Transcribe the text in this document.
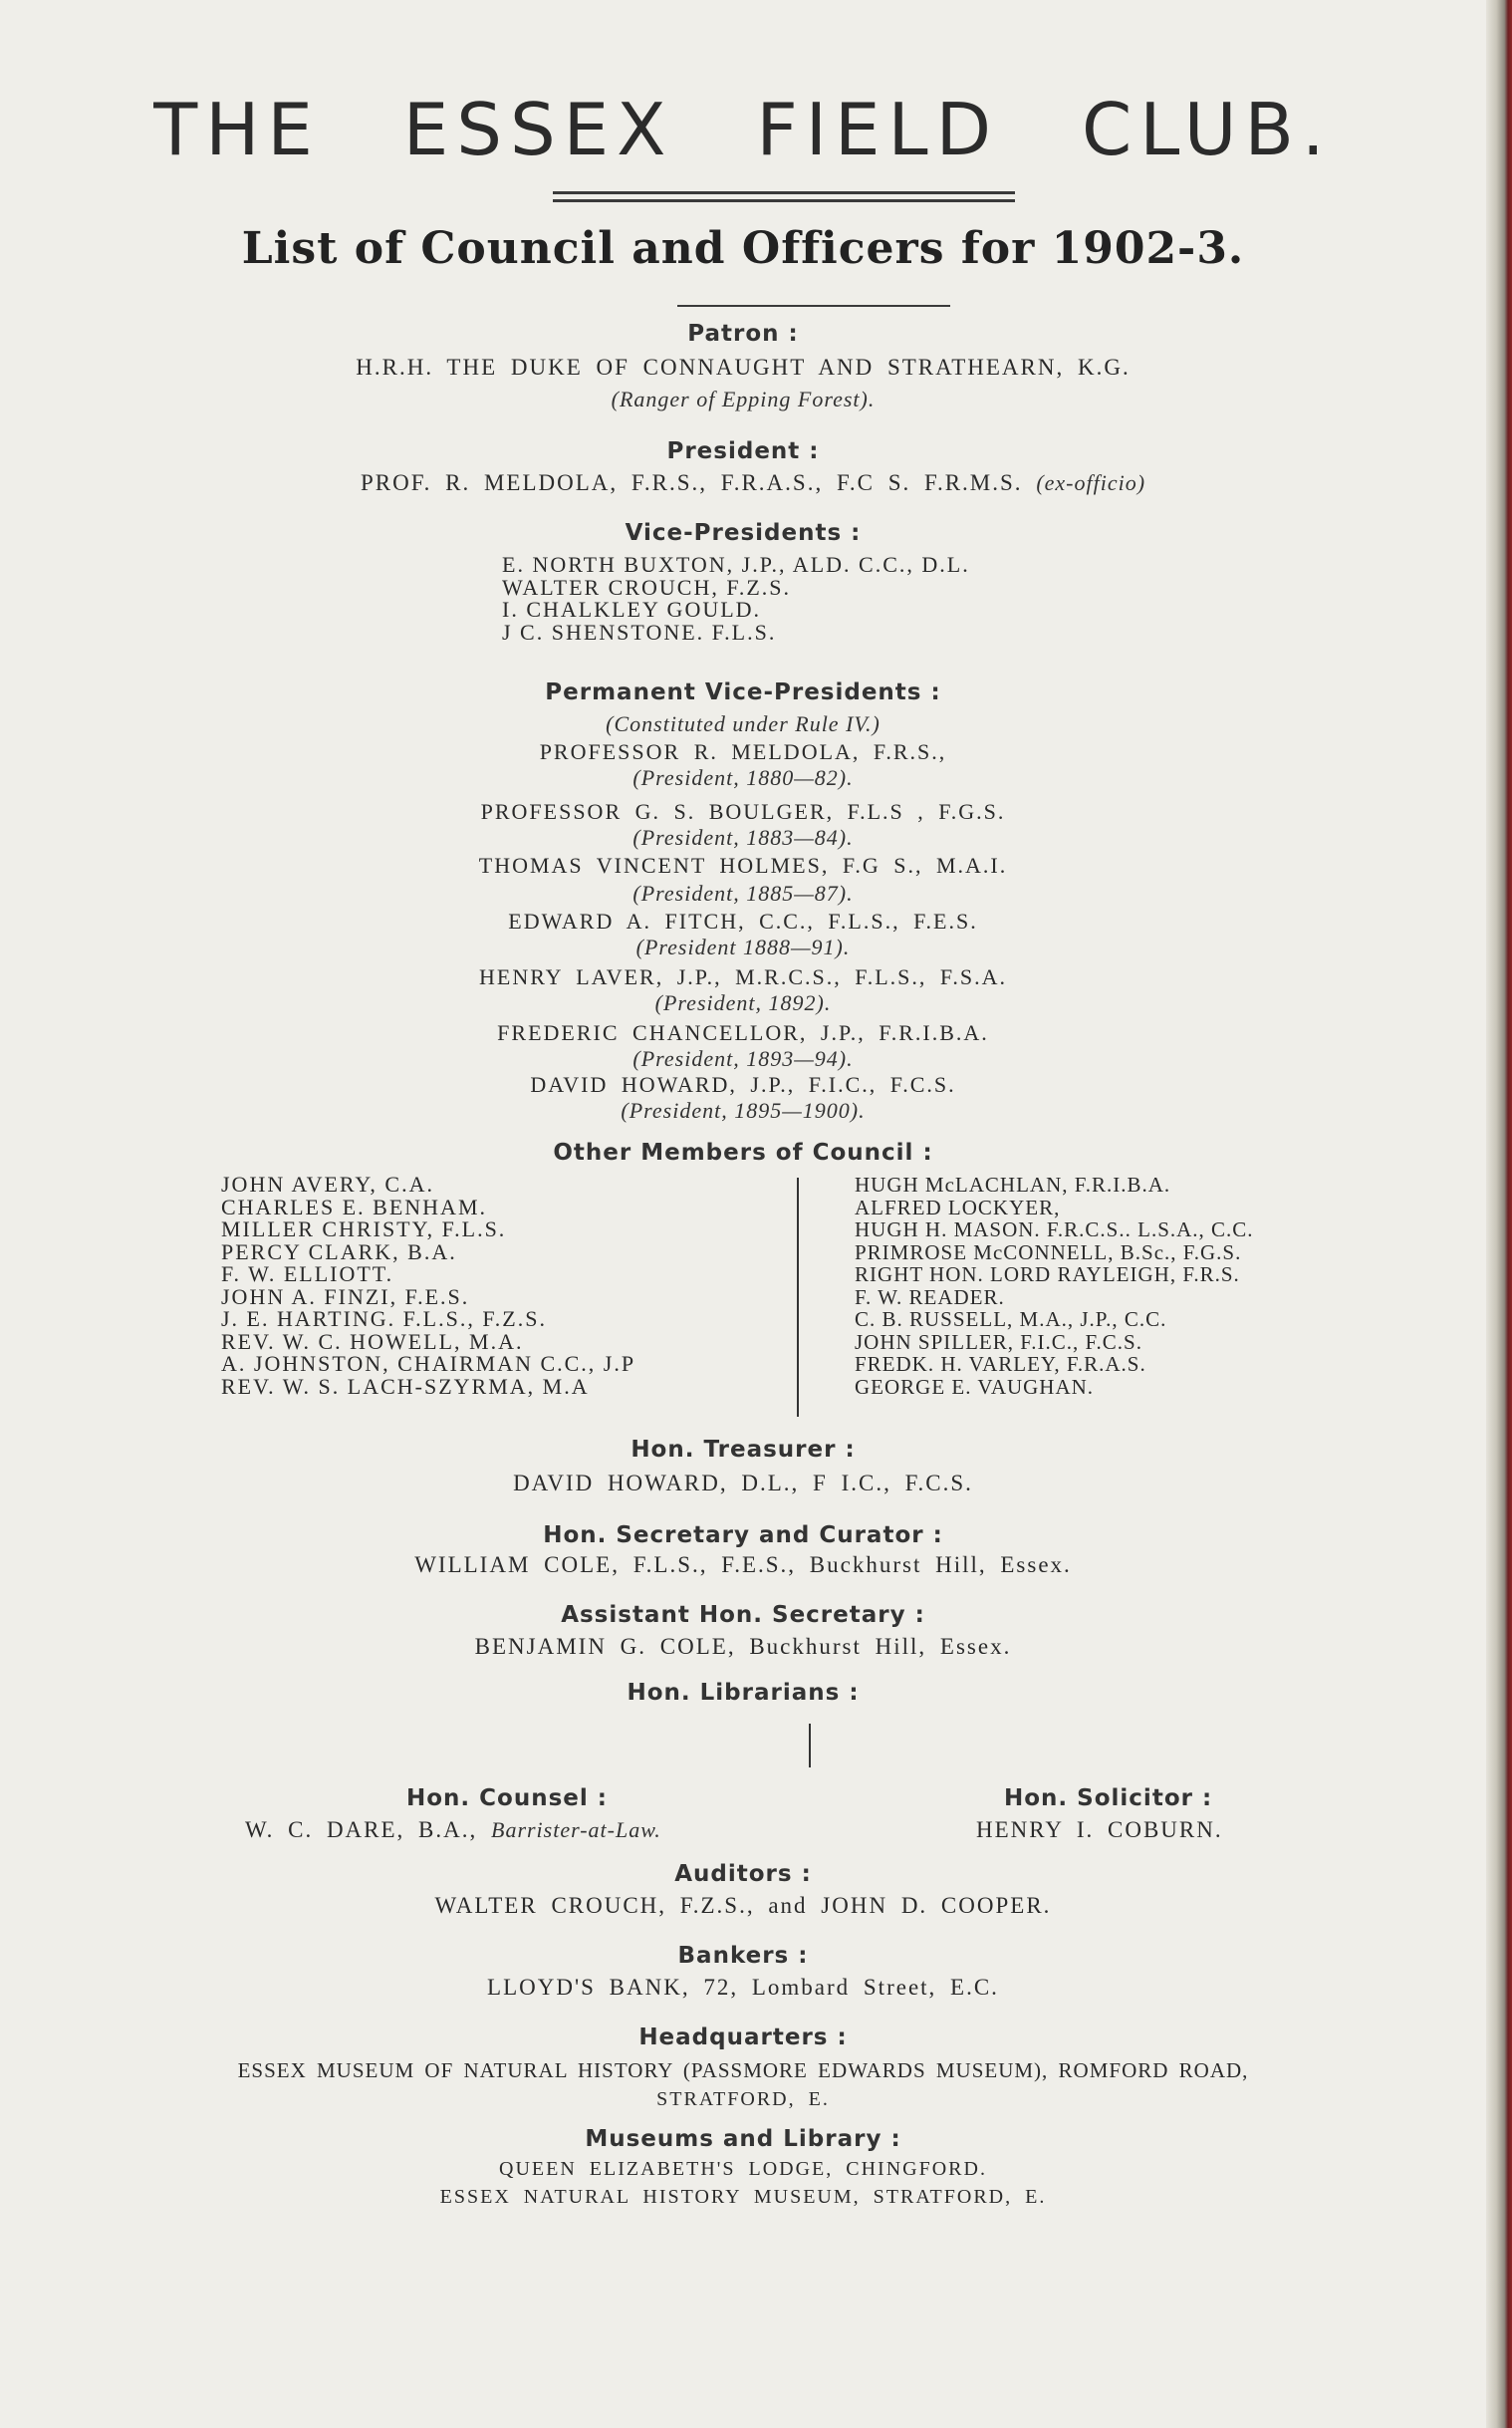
THE ESSEX FIELD CLUB.
List of Council and Officers for 1902-3.
Patron :
H.R.H. THE DUKE OF CONNAUGHT AND STRATHEARN, K.G.
(Ranger of Epping Forest).
President :
PROF. R. MELDOLA, F.R.S., F.R.A.S., F.C S. F.R.M.S. (ex-officio)
Vice-Presidents :
E. NORTH BUXTON, J.P., ALD. C.C., D.L.
WALTER CROUCH, F.Z.S.
I. CHALKLEY GOULD.
J C. SHENSTONE. F.L.S.
Permanent Vice-Presidents :
(Constituted under Rule IV.)
PROFESSOR R. MELDOLA, F.R.S.,
(President, 1880—82).
PROFESSOR G. S. BOULGER, F.L.S , F.G.S.
(President, 1883—84).
THOMAS VINCENT HOLMES, F.G S., M.A.I.
(President, 1885—87).
EDWARD A. FITCH, C.C., F.L.S., F.E.S.
(President 1888—91).
HENRY LAVER, J.P., M.R.C.S., F.L.S., F.S.A.
(President, 1892).
FREDERIC CHANCELLOR, J.P., F.R.I.B.A.
(President, 1893—94).
DAVID HOWARD, J.P., F.I.C., F.C.S.
(President, 1895—1900).
Other Members of Council :
JOHN AVERY, C.A.
CHARLES E. BENHAM.
MILLER CHRISTY, F.L.S.
PERCY CLARK, B.A.
F. W. ELLIOTT.
JOHN A. FINZI, F.E.S.
J. E. HARTING. F.L.S., F.Z.S.
REV. W. C. HOWELL, M.A.
A. JOHNSTON, CHAIRMAN C.C., J.P
REV. W. S. LACH-SZYRMA, M.A
HUGH McLACHLAN, F.R.I.B.A.
ALFRED LOCKYER,
HUGH H. MASON. F.R.C.S.. L.S.A., C.C.
PRIMROSE McCONNELL, B.Sc., F.G.S.
RIGHT HON. LORD RAYLEIGH, F.R.S.
F. W. READER.
C. B. RUSSELL, M.A., J.P., C.C.
JOHN SPILLER, F.I.C., F.C.S.
FREDK. H. VARLEY, F.R.A.S.
GEORGE E. VAUGHAN.
Hon. Treasurer :
DAVID HOWARD, D.L., F I.C., F.C.S.
Hon. Secretary and Curator :
WILLIAM COLE, F.L.S., F.E.S., Buckhurst Hill, Essex.
Assistant Hon. Secretary :
BENJAMIN G. COLE, Buckhurst Hill, Essex.
Hon. Librarians :
Hon. Counsel :
W. C. DARE, B.A., Barrister-at-Law.
Hon. Solicitor :
HENRY I. COBURN.
Auditors :
WALTER CROUCH, F.Z.S., and JOHN D. COOPER.
Bankers :
LLOYD'S BANK, 72, Lombard Street, E.C.
Headquarters :
ESSEX MUSEUM OF NATURAL HISTORY (PASSMORE EDWARDS MUSEUM), ROMFORD ROAD,
STRATFORD, E.
Museums and Library :
QUEEN ELIZABETH'S LODGE, CHINGFORD.
ESSEX NATURAL HISTORY MUSEUM, STRATFORD, E.
